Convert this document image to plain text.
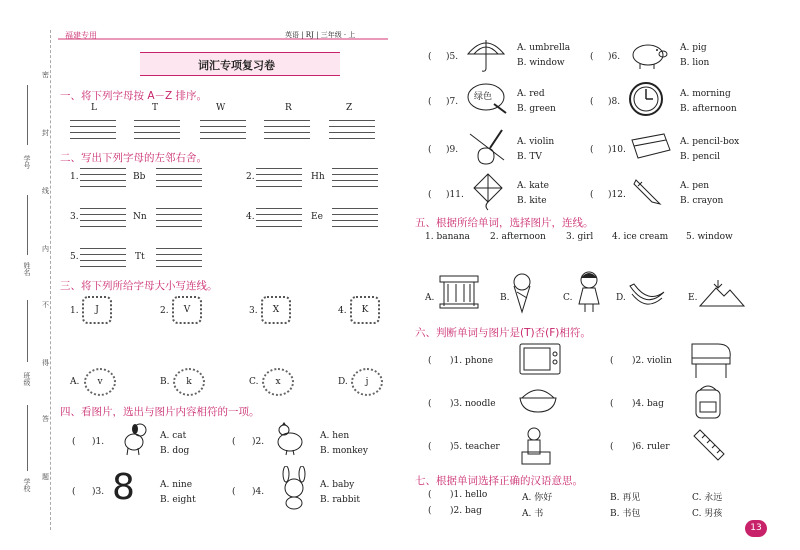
密
封
线
内
不
得
答
题
学号
姓名
班级
学校
福建专用	英语 | RJ | 三年级 · 上
词汇专项复习卷
一、将下列字母按 A－Z 排序。
L	T	W	R	Z
二、写出下列字母的左邻右舍。
1.	Bb	2.	Hh
3.	Nn	4.	Ee
5.	Tt
三、将下列所给字母大小写连线。
1.	J	2.	V	3.	X	4.	K
A.	v	B.	k	C.	x	D.	j
四、看图片，选出与图片内容相符的一项。
( )1.
A. cat
B. dog
( )2.
A. hen
B. monkey
( )3. 8	A. nine
B. eight
( )4.
A. baby
B. rabbit
( )5.
A. umbrella
B. window
( )6.
A. pig
B. lion
( )7. 绿色	A. red
B. green
( )8.
A. morning
B. afternoon
( )9.
A. violin
B. TV
( )10.
A. pencil-box
B. pencil
( )11.
A. kate
B. kite
( )12.
A. pen
B. crayon
五、根据所给单词，选择图片，连线。
1. banana 2. afternoon 3. girl 4. ice cream 5. window
A.	B.	C.	D.	E.
六、判断单词与图片是(T)否(F)相符。
( )1. phone	( )2. violin
( )3. noodle	( )4. bag
( )5. teacher	( )6. ruler
七、根据单词选择正确的汉语意思。
( )1. hello	A. 你好	B. 再见	C. 永远
( )2. bag	A. 书	B. 书包	C. 男孩
13
